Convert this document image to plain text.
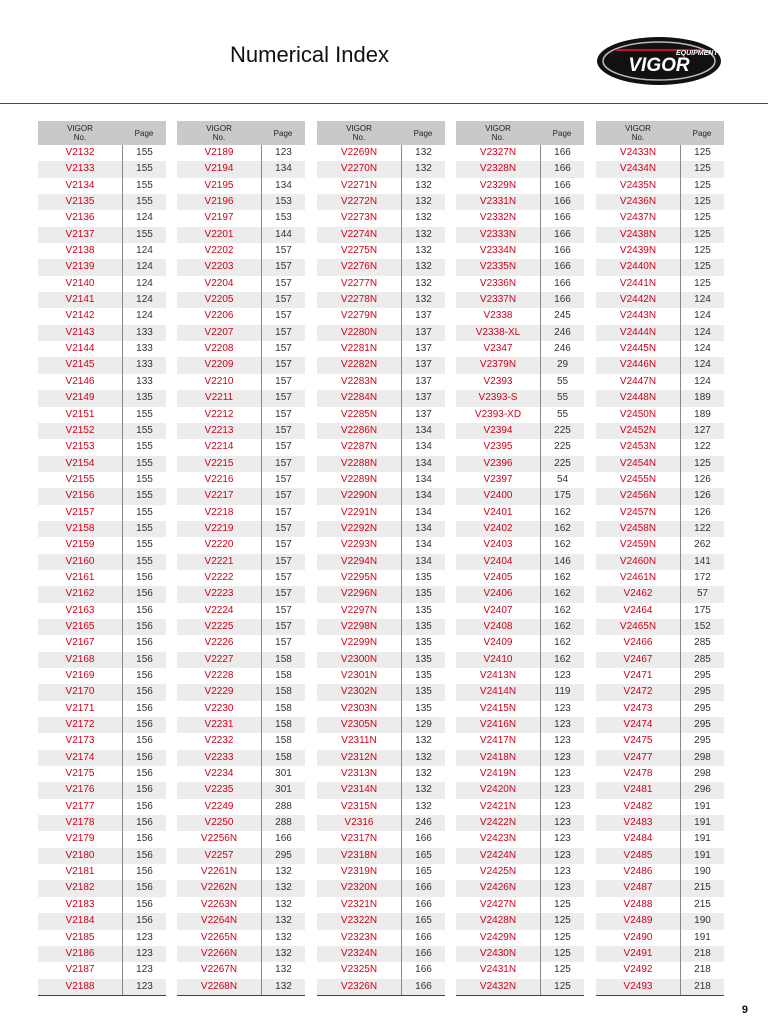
Numerical Index	EQUIPMENT
VIGOR
VIGOR
No.	Page
V2132	155
V2133	155
V2134	155
V2135	155
V2136	124
V2137	155
V2138	124
V2139	124
V2140	124
V2141	124
V2142	124
V2143	133
V2144	133
V2145	133
V2146	133
V2149	135
V2151	155
V2152	155
V2153	155
V2154	155
V2155	155
V2156	155
V2157	155
V2158	155
V2159	155
V2160	155
V2161	156
V2162	156
V2163	156
V2165	156
V2167	156
V2168	156
V2169	156
V2170	156
V2171	156
V2172	156
V2173	156
V2174	156
V2175	156
V2176	156
V2177	156
V2178	156
V2179	156
V2180	156
V2181	156
V2182	156
V2183	156
V2184	156
V2185	123
V2186	123
V2187	123
V2188	123
VIGOR
No.	Page
V2189	123
V2194	134
V2195	134
V2196	153
V2197	153
V2201	144
V2202	157
V2203	157
V2204	157
V2205	157
V2206	157
V2207	157
V2208	157
V2209	157
V2210	157
V2211	157
V2212	157
V2213	157
V2214	157
V2215	157
V2216	157
V2217	157
V2218	157
V2219	157
V2220	157
V2221	157
V2222	157
V2223	157
V2224	157
V2225	157
V2226	157
V2227	158
V2228	158
V2229	158
V2230	158
V2231	158
V2232	158
V2233	158
V2234	301
V2235	301
V2249	288
V2250	288
V2256N	166
V2257	295
V2261N	132
V2262N	132
V2263N	132
V2264N	132
V2265N	132
V2266N	132
V2267N	132
V2268N	132
VIGOR
No.	Page
V2269N	132
V2270N	132
V2271N	132
V2272N	132
V2273N	132
V2274N	132
V2275N	132
V2276N	132
V2277N	132
V2278N	132
V2279N	137
V2280N	137
V2281N	137
V2282N	137
V2283N	137
V2284N	137
V2285N	137
V2286N	134
V2287N	134
V2288N	134
V2289N	134
V2290N	134
V2291N	134
V2292N	134
V2293N	134
V2294N	134
V2295N	135
V2296N	135
V2297N	135
V2298N	135
V2299N	135
V2300N	135
V2301N	135
V2302N	135
V2303N	135
V2305N	129
V2311N	132
V2312N	132
V2313N	132
V2314N	132
V2315N	132
V2316	246
V2317N	166
V2318N	165
V2319N	165
V2320N	166
V2321N	166
V2322N	165
V2323N	166
V2324N	166
V2325N	166
V2326N	166
VIGOR
No.	Page
V2327N	166
V2328N	166
V2329N	166
V2331N	166
V2332N	166
V2333N	166
V2334N	166
V2335N	166
V2336N	166
V2337N	166
V2338	245
V2338-XL	246
V2347	246
V2379N	29
V2393	55
V2393-S	55
V2393-XD	55
V2394	225
V2395	225
V2396	225
V2397	54
V2400	175
V2401	162
V2402	162
V2403	162
V2404	146
V2405	162
V2406	162
V2407	162
V2408	162
V2409	162
V2410	162
V2413N	123
V2414N	119
V2415N	123
V2416N	123
V2417N	123
V2418N	123
V2419N	123
V2420N	123
V2421N	123
V2422N	123
V2423N	123
V2424N	123
V2425N	123
V2426N	123
V2427N	125
V2428N	125
V2429N	125
V2430N	125
V2431N	125
V2432N	125
VIGOR
No.	Page
V2433N	125
V2434N	125
V2435N	125
V2436N	125
V2437N	125
V2438N	125
V2439N	125
V2440N	125
V2441N	125
V2442N	124
V2443N	124
V2444N	124
V2445N	124
V2446N	124
V2447N	124
V2448N	189
V2450N	189
V2452N	127
V2453N	122
V2454N	125
V2455N	126
V2456N	126
V2457N	126
V2458N	122
V2459N	262
V2460N	141
V2461N	172
V2462	57
V2464	175
V2465N	152
V2466	285
V2467	285
V2471	295
V2472	295
V2473	295
V2474	295
V2475	295
V2477	298
V2478	298
V2481	296
V2482	191
V2483	191
V2484	191
V2485	191
V2486	190
V2487	215
V2488	215
V2489	190
V2490	191
V2491	218
V2492	218
V2493	218
9
